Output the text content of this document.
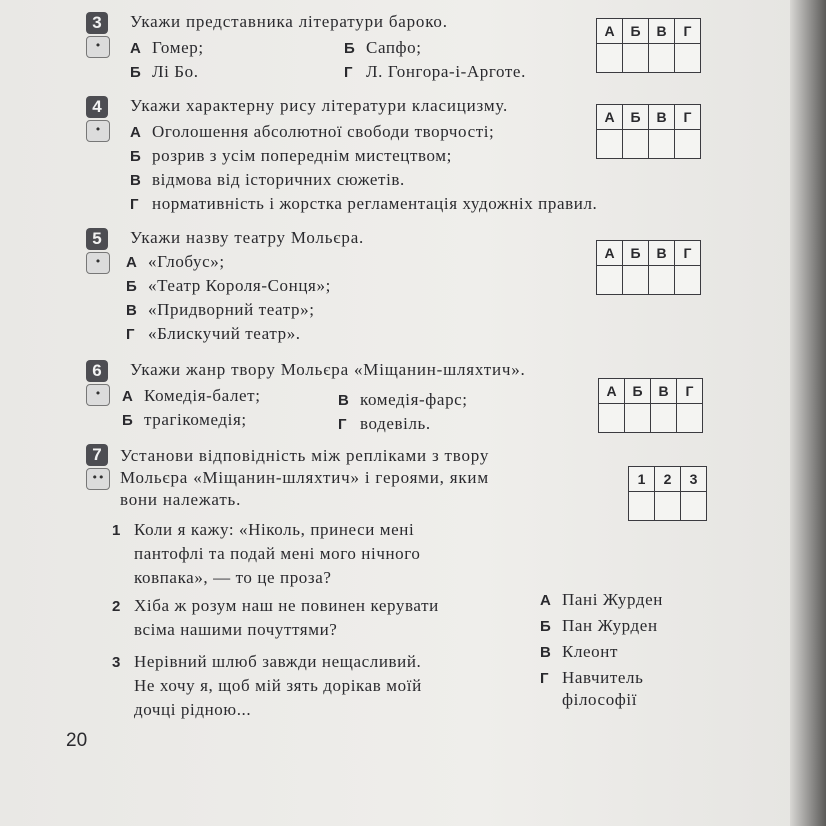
3
•
Укажи представника літератури бароко.
А Гомер;	Б Сапфо;
Б Лі Бо.	Г Л. Гонгора-і-Арготе.
А	Б	В	Г

4
•
Укажи характерну рису літератури класицизму.
А Оголошення абсолютної свободи творчості;
Б розрив з усім попереднім мистецтвом;
В відмова від історичних сюжетів.
Г нормативність і жорстка регламентація художніх правил.
А	Б	В	Г

5
•
Укажи назву театру Мольєра.
А «Глобус»;
Б «Театр Короля-Сонця»;
В «Придворний театр»;
Г «Блискучий театр».
А	Б	В	Г

6
•
Укажи жанр твору Мольєра «Міщанин-шляхтич».
А Комедія-балет;	В комедія-фарс;
Б трагікомедія;	Г водевіль.
А	Б	В	Г

7
••
Установи відповідність між репліками з твору
Мольєра «Міщанин-шляхтич» і героями, яким
вони належать.
1 Коли я кажу: «Ніколь, принеси мені
пантофлі та подай мені мого нічного
ковпака», — то це проза?
2 Хіба ж розум наш не повинен керувати
всіма нашими почуттями?
3 Нерівний шлюб завжди нещасливий.
Не хочу я, щоб мій зять дорікав моїй
дочці рідною...
А Пані Журден
Б Пан Журден
В Клеонт
Г Навчитель
філософії
1	2	3

20
